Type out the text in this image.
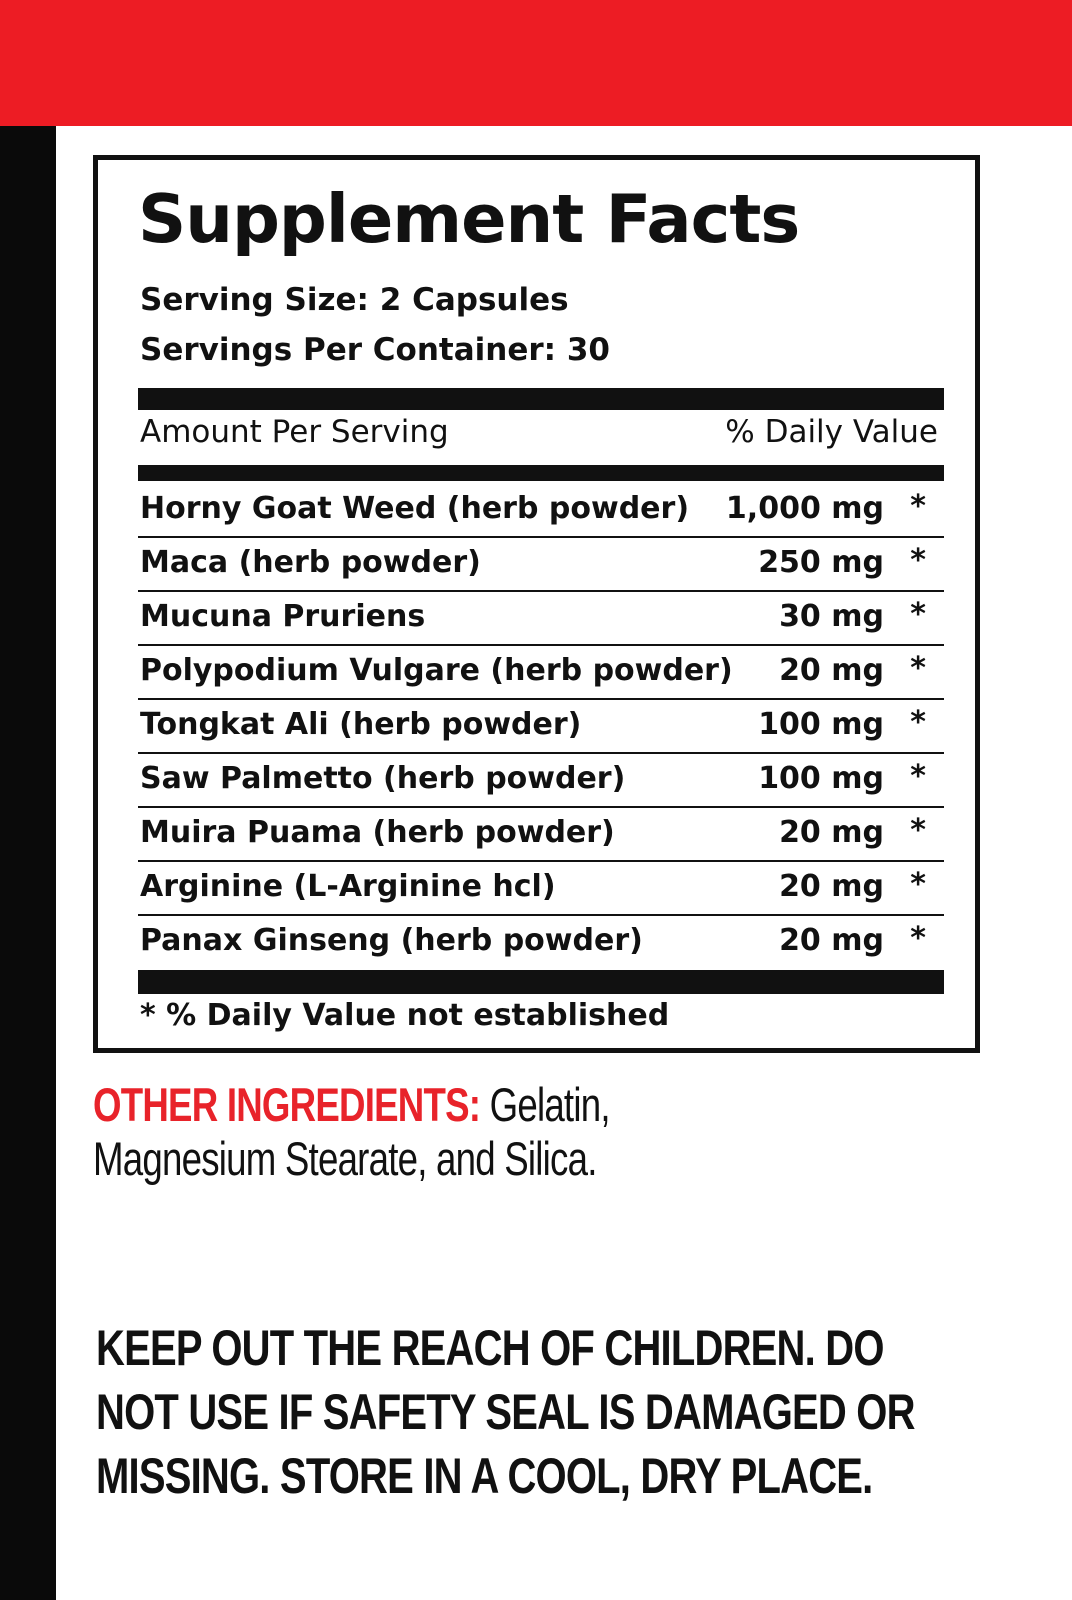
Supplement Facts
Serving Size: 2 Capsules
Servings Per Container: 30
Amount Per Serving	% Daily Value
Horny Goat Weed (herb powder) 1,000 mg *
Maca (herb powder)	250 mg *
Mucuna Pruriens	30 mg *
Polypodium Vulgare (herb powder) 20 mg *
Tongkat Ali (herb powder)	100 mg *
Saw Palmetto (herb powder)	100 mg *
Muira Puama (herb powder)	20 mg *
Arginine (L-Arginine hcl)	20 mg *
Panax Ginseng (herb powder)	20 mg *
* % Daily Value not established
OTHER INGREDIENTS: Gelatin, Magnesium Stearate, and Silica.
KEEP OUT THE REACH OF CHILDREN. DO NOT USE IF SAFETY SEAL IS DAMAGED OR MISSING. STORE IN A COOL, DRY PLACE.
